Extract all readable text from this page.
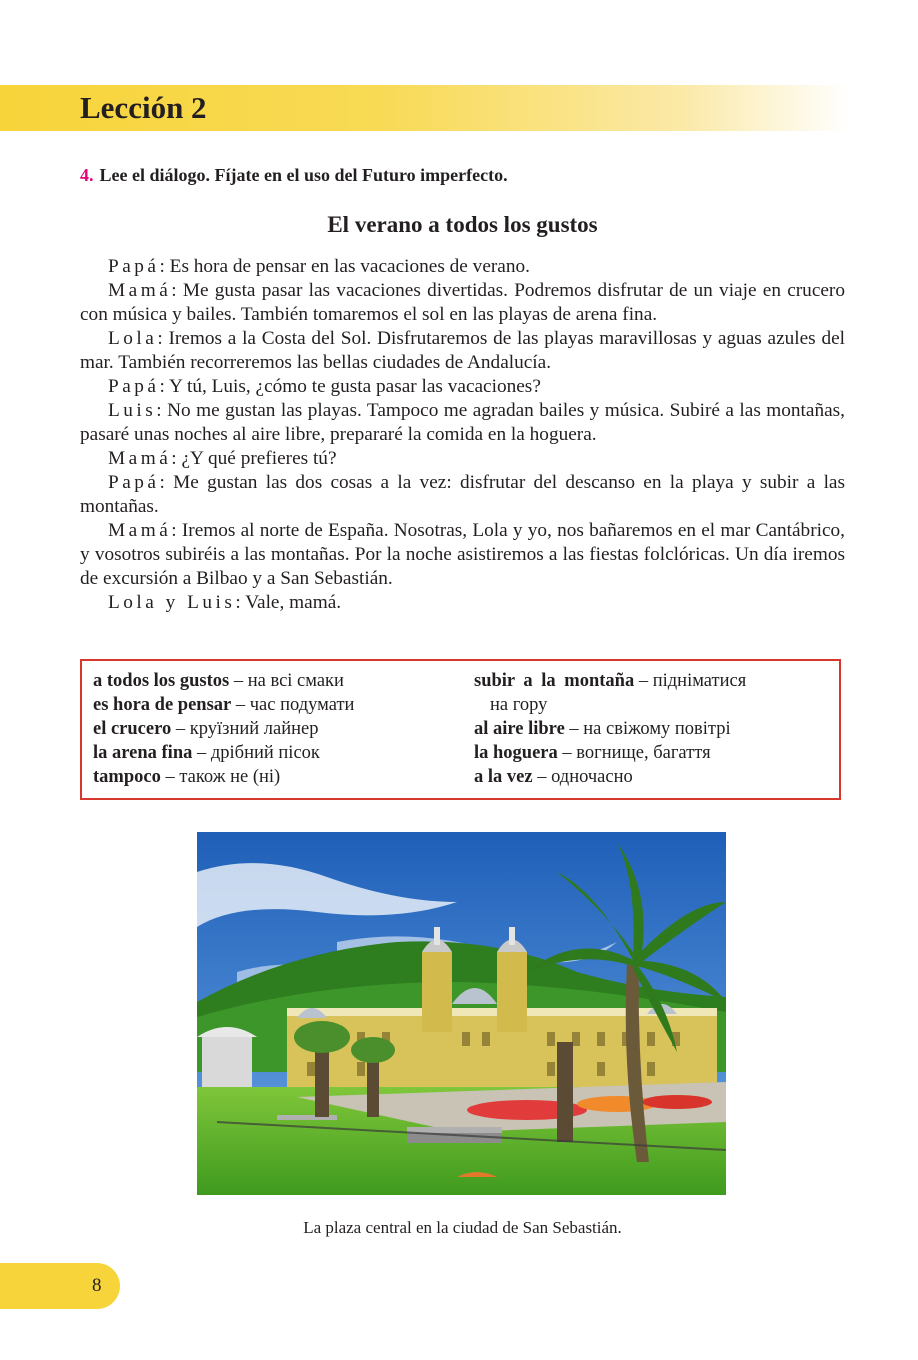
Lección 2
4. Lee el diálogo. Fíjate en el uso del Futuro imperfecto.
El verano a todos los gustos

Papá: Es hora de pensar en las vacaciones de verano.

Mamá: Me gusta pasar las vacaciones divertidas. Podremos disfrutar de un viaje en crucero con música y bailes. También tomaremos el sol en las playas de arena fina.

Lola: Iremos a la Costa del Sol. Disfrutaremos de las playas maravillosas y aguas azules del mar. También recorreremos las bellas ciudades de Andalucía.

Papá: Y tú, Luis, ¿cómo te gusta pasar las vacaciones?

Luis: No me gustan las playas. Tampoco me agradan bailes y música. Subiré a las montañas, pasaré unas noches al aire libre, prepararé la comida en la hoguera.

Mamá: ¿Y qué prefieres tú?

Papá: Me gustan las dos cosas a la vez: disfrutar del descanso en la playa y subir a las montañas.

Mamá: Iremos al norte de España. Nosotras, Lola y yo, nos bañaremos en el mar Cantábrico, y vosotros subiréis a las montañas. Por la noche asistiremos a las fiestas folclóricas. Un día iremos de excursión a Bilbao y a San Sebastián.

Lola y Luis: Vale, mamá.

a todos los gustos – на всі смаки
es hora de pensar – час подумати
el crucero – круїзний лайнер
la arena fina – дрібний пісок
tampoco – також не (ні)
subir a la montaña – підніматися
на гору
al aire libre – на свіжому повітрі
la hoguera – вогнище, багаття
a la vez – одночасно
La plaza central en la ciudad de San Sebastián.
8
